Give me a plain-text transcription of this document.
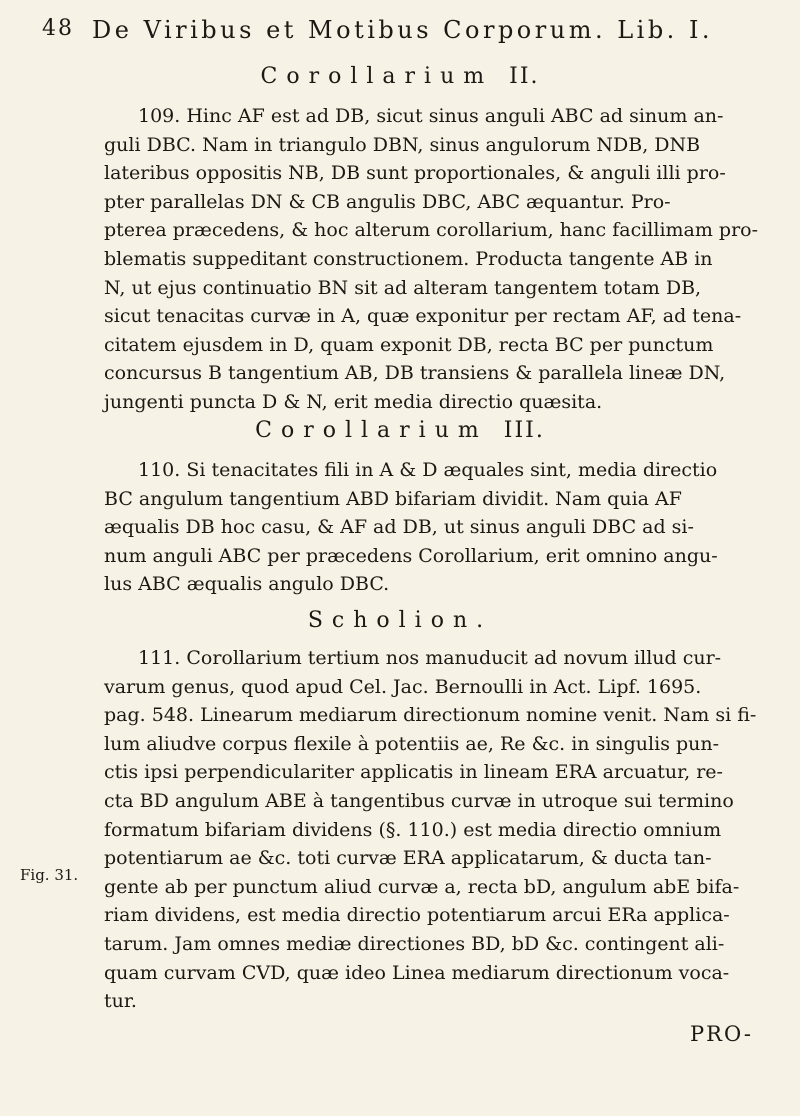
48 De Viribus et Motibus Corporum. Lib. I.
Corollarium II.
109. Hinc AF est ad DB, sicut sinus anguli ABC ad sinum an-
guli DBC. Nam in triangulo DBN, sinus angulorum NDB, DNB
lateribus oppositis NB, DB sunt proportionales, & anguli illi pro-
pter parallelas DN & CB angulis DBC, ABC æquantur. Pro-
pterea præcedens, & hoc alterum corollarium, hanc facillimam pro-
blematis suppeditant constructionem. Producta tangente AB in
N, ut ejus continuatio BN sit ad alteram tangentem totam DB,
sicut tenacitas curvæ in A, quæ exponitur per rectam AF, ad tena-
citatem ejusdem in D, quam exponit DB, recta BC per punctum
concursus B tangentium AB, DB transiens & parallela lineæ DN,
jungenti puncta D & N, erit media directio quæsita.
Corollarium III.
110. Si tenacitates fili in A & D æquales sint, media directio
BC angulum tangentium ABD bifariam dividit. Nam quia AF
æqualis DB hoc casu, & AF ad DB, ut sinus anguli DBC ad si-
num anguli ABC per præcedens Corollarium, erit omnino angu-
lus ABC æqualis angulo DBC.
Scholion.
111. Corollarium tertium nos manuducit ad novum illud cur-
varum genus, quod apud Cel. Jac. Bernoulli in Act. Lipf. 1695.
pag. 548. Linearum mediarum directionum nomine venit. Nam si fi-
lum aliudve corpus flexile à potentiis ae, Re &c. in singulis pun-
ctis ipsi perpendiculariter applicatis in lineam ERA arcuatur, re-
cta BD angulum ABE à tangentibus curvæ in utroque sui termino
formatum bifariam dividens (§. 110.) est media directio omnium
potentiarum ae &c. toti curvæ ERA applicatarum, & ducta tan-
gente ab per punctum aliud curvæ a, recta bD, angulum abE bifa-
riam dividens, est media directio potentiarum arcui ERa applica-
tarum. Jam omnes mediæ directiones BD, bD &c. contingent ali-
quam curvam CVD, quæ ideo Linea mediarum directionum voca-
tur.
Fig. 31.
PRO-
